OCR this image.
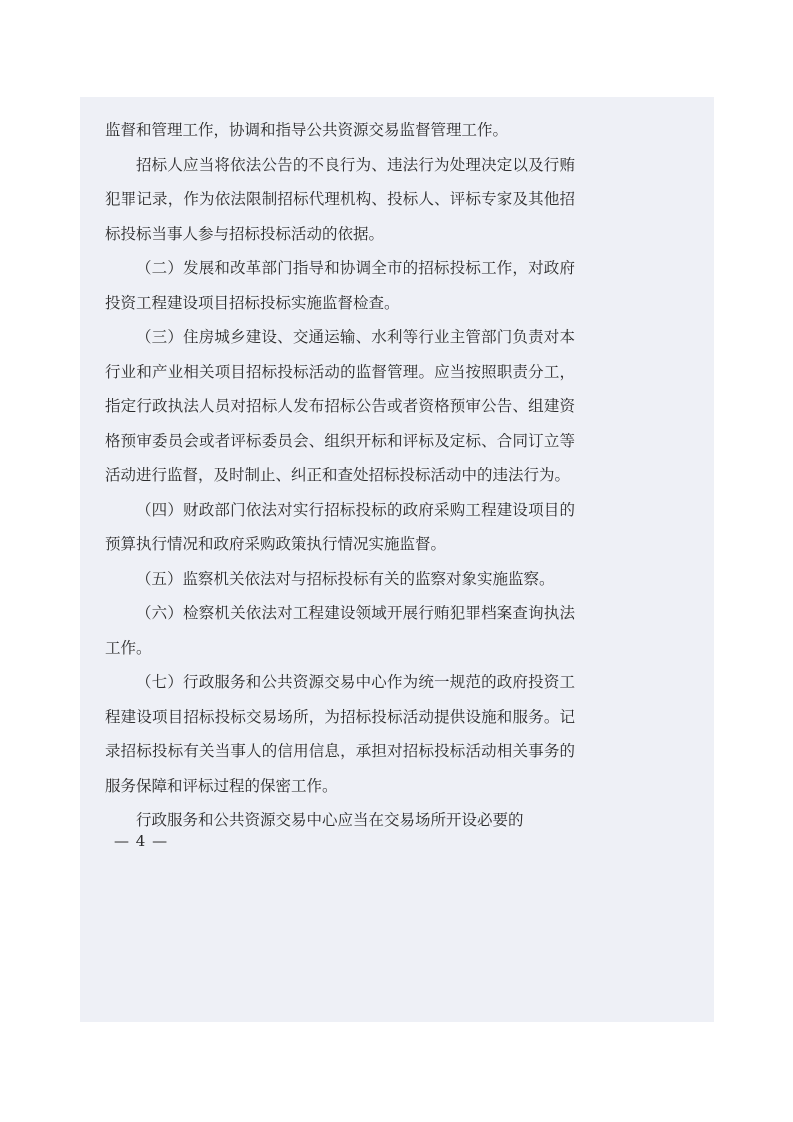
监督和管理工作，协调和指导公共资源交易监督管理工作。

招标人应当将依法公告的不良行为、违法行为处理决定以及行贿犯罪记录，作为依法限制招标代理机构、投标人、评标专家及其他招标投标当事人参与招标投标活动的依据。

（二）发展和改革部门指导和协调全市的招标投标工作，对政府投资工程建设项目招标投标实施监督检查。

（三）住房城乡建设、交通运输、水利等行业主管部门负责对本行业和产业相关项目招标投标活动的监督管理。应当按照职责分工，指定行政执法人员对招标人发布招标公告或者资格预审公告、组建资格预审委员会或者评标委员会、组织开标和评标及定标、合同订立等活动进行监督，及时制止、纠正和查处招标投标活动中的违法行为。

（四）财政部门依法对实行招标投标的政府采购工程建设项目的预算执行情况和政府采购政策执行情况实施监督。

（五）监察机关依法对与招标投标有关的监察对象实施监察。

（六）检察机关依法对工程建设领域开展行贿犯罪档案查询执法工作。

（七）行政服务和公共资源交易中心作为统一规范的政府投资工程建设项目招标投标交易场所，为招标投标活动提供设施和服务。记录招标投标有关当事人的信用信息，承担对招标投标活动相关事务的服务保障和评标过程的保密工作。

行政服务和公共资源交易中心应当在交易场所开设必要的

— 4 —
